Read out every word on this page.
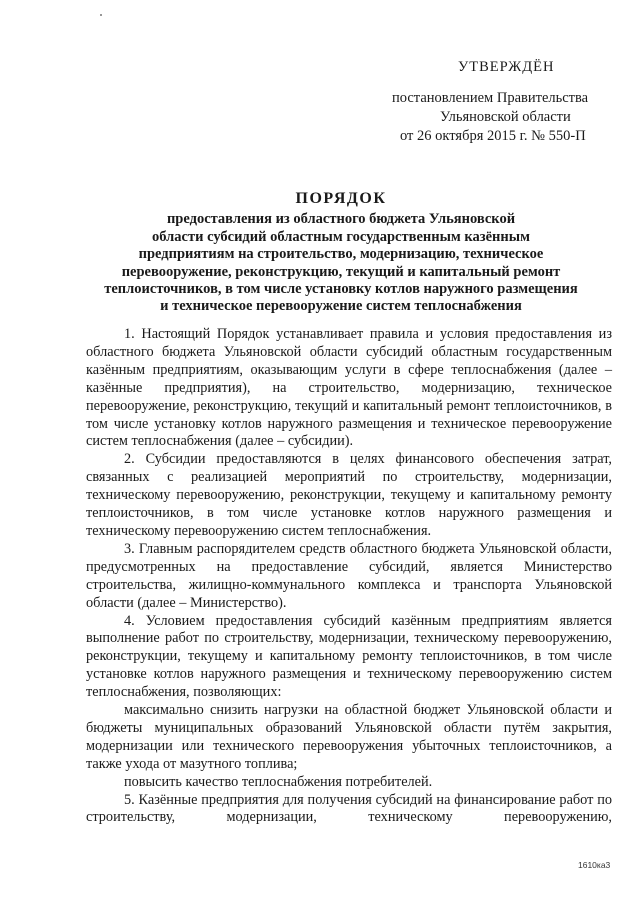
УТВЕРЖДЁН
постановлением Правительства
Ульяновской области
от 26 октября 2015 г. № 550-П
ПОРЯДОК
предоставления из областного бюджета Ульяновской
области субсидий областным государственным казённым
предприятиям на строительство, модернизацию, техническое
перевооружение, реконструкцию, текущий и капитальный ремонт
теплоисточников, в том числе установку котлов наружного размещения
и техническое перевооружение систем теплоснабжения

1. Настоящий Порядок устанавливает правила и условия предоставления из областного бюджета Ульяновской области субсидий областным государственным казённым предприятиям, оказывающим услуги в сфере теплоснабжения (далее – казённые предприятия), на строительство, модернизацию, техническое перевооружение, реконструкцию, текущий и капитальный ремонт теплоисточников, в том числе установку котлов наружного размещения и техническое перевооружение систем теплоснабжения (далее – субсидии).

2. Субсидии предоставляются в целях финансового обеспечения затрат, связанных с реализацией мероприятий по строительству, модернизации, техническому перевооружению, реконструкции, текущему и капитальному ремонту теплоисточников, в том числе установке котлов наружного размещения и техническому перевооружению систем теплоснабжения.

3. Главным распорядителем средств областного бюджета Ульяновской области, предусмотренных на предоставление субсидий, является Министерство строительства, жилищно-коммунального комплекса и транспорта Ульяновской области (далее – Министерство).

4. Условием предоставления субсидий казённым предприятиям является выполнение работ по строительству, модернизации, техническому перевооружению, реконструкции, текущему и капитальному ремонту теплоисточников, в том числе установке котлов наружного размещения и техническому перевооружению систем теплоснабжения, позволяющих:

максимально снизить нагрузки на областной бюджет Ульяновской области и бюджеты муниципальных образований Ульяновской области путём закрытия, модернизации или технического перевооружения убыточных теплоисточников, а также ухода от мазутного топлива;

повысить качество теплоснабжения потребителей.

5. Казённые предприятия для получения субсидий на финансирование работ по строительству, модернизации, техническому перевооружению,

1610ка3
